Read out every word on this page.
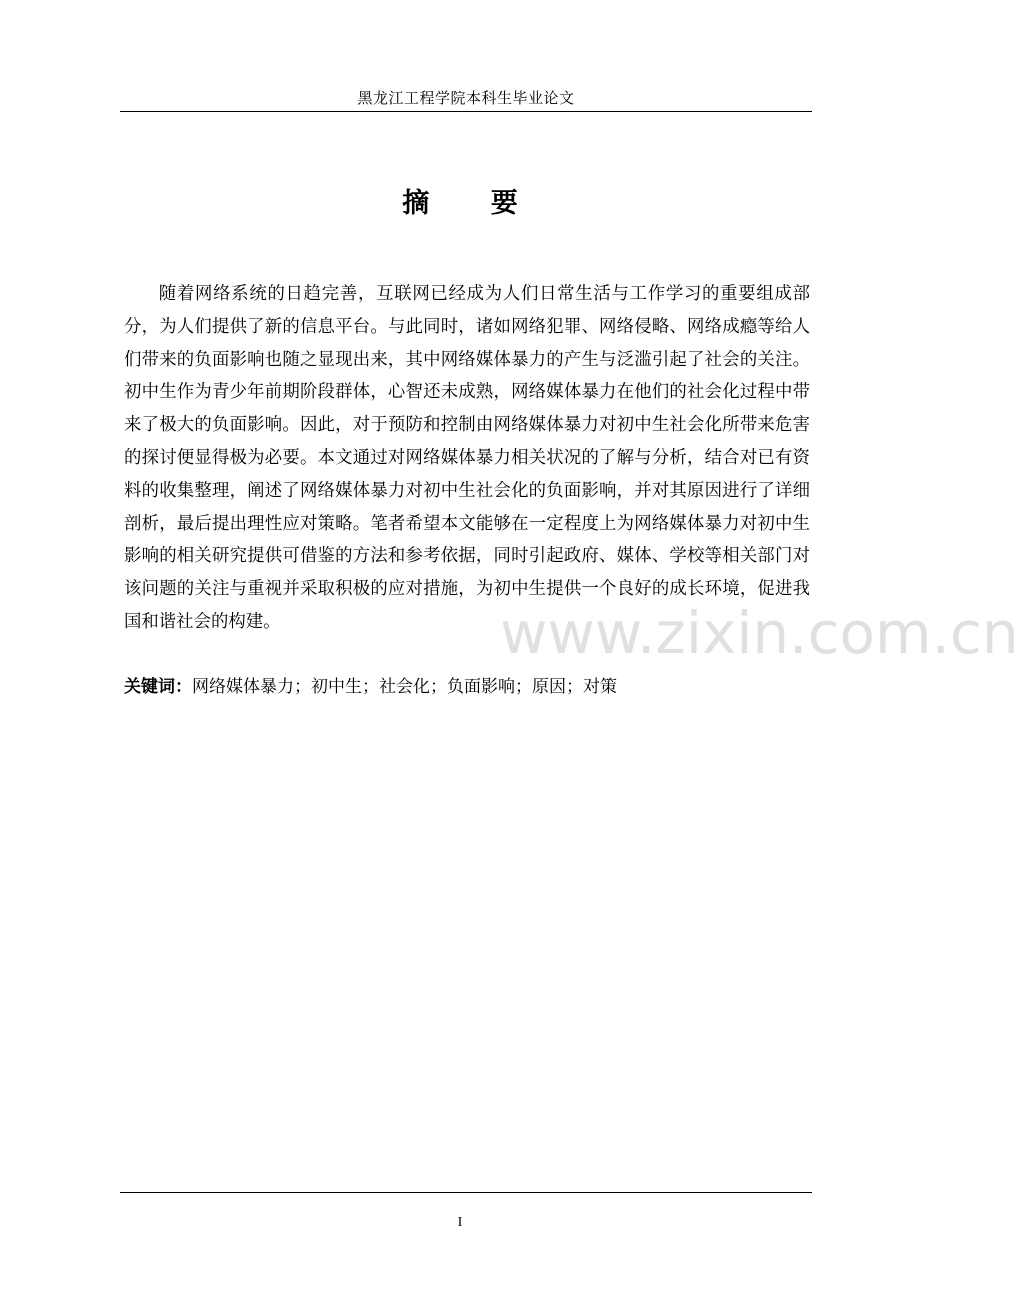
黑龙江工程学院本科生毕业论文
摘 要

随着网络系统的日趋完善，互联网已经成为人们日常生活与工作学习的重要组成部分，为人们提供了新的信息平台。与此同时，诸如网络犯罪、网络侵略、网络成瘾等给人们带来的负面影响也随之显现出来，其中网络媒体暴力的产生与泛滥引起了社会的关注。初中生作为青少年前期阶段群体，心智还未成熟，网络媒体暴力在他们的社会化过程中带来了极大的负面影响。因此，对于预防和控制由网络媒体暴力对初中生社会化所带来危害的探讨便显得极为必要。本文通过对网络媒体暴力相关状况的了解与分析，结合对已有资料的收集整理，阐述了网络媒体暴力对初中生社会化的负面影响，并对其原因进行了详细剖析，最后提出理性应对策略。笔者希望本文能够在一定程度上为网络媒体暴力对初中生影响的相关研究提供可借鉴的方法和参考依据，同时引起政府、媒体、学校等相关部门对该问题的关注与重视并采取积极的应对措施，为初中生提供一个良好的成长环境，促进我国和谐社会的构建。	www.zixin.com.cn
关键词：网络媒体暴力；初中生；社会化；负面影响；原因；对策
I
